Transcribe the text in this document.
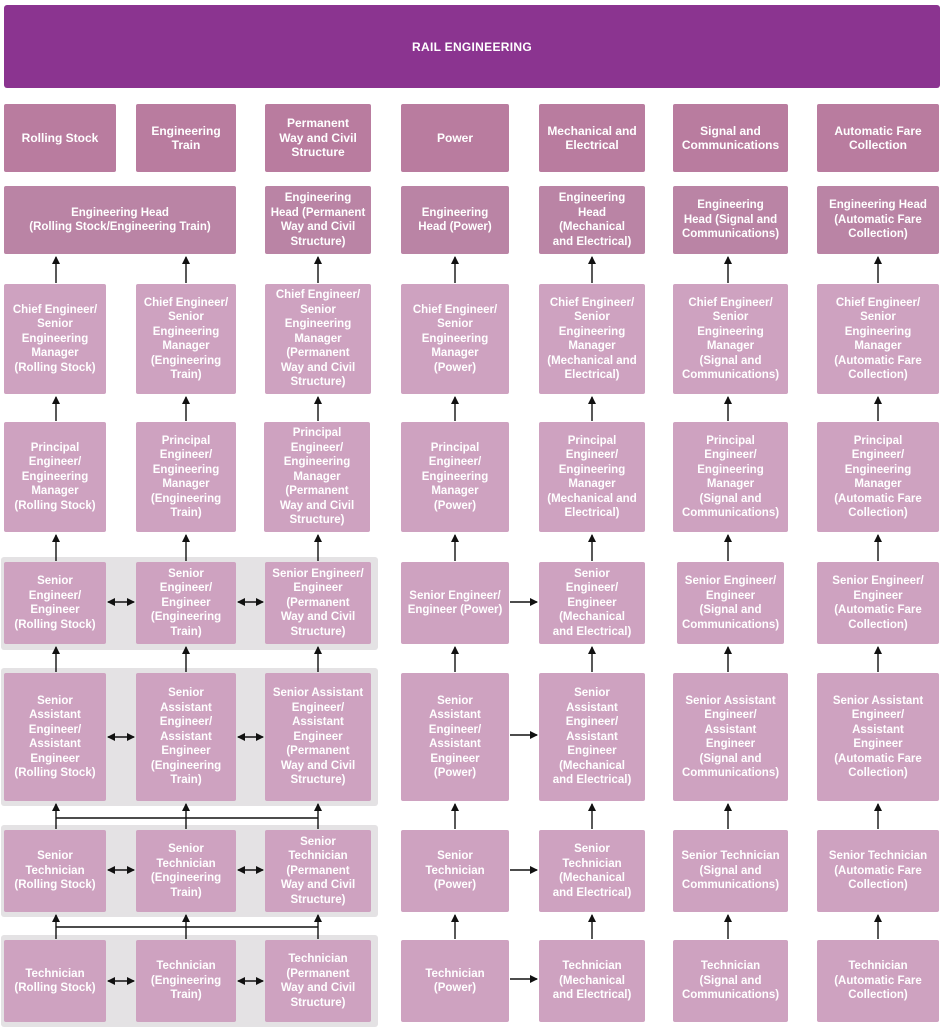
RAIL ENGINEERING
Rolling Stock
Engineering
Train
Permanent
Way and Civil
Structure
Power
Mechanical and
Electrical
Signal and
Communications
Automatic Fare
Collection
Engineering Head
(Rolling Stock/Engineering Train)
Engineering
Head (Permanent
Way and Civil
Structure)
Engineering
Head (Power)
Engineering
Head
(Mechanical
and Electrical)
Engineering
Head (Signal and
Communications)
Engineering Head
(Automatic Fare
Collection)
Chief Engineer/
Senior
Engineering
Manager
(Rolling Stock)
Chief Engineer/
Senior
Engineering
Manager
(Engineering
Train)
Chief Engineer/
Senior
Engineering
Manager
(Permanent
Way and Civil
Structure)
Chief Engineer/
Senior
Engineering
Manager
(Power)
Chief Engineer/
Senior
Engineering
Manager
(Mechanical and
Electrical)
Chief Engineer/
Senior
Engineering
Manager
(Signal and
Communications)
Chief Engineer/
Senior
Engineering
Manager
(Automatic Fare
Collection)
Principal
Engineer/
Engineering
Manager
(Rolling Stock)
Principal
Engineer/
Engineering
Manager
(Engineering
Train)
Principal
Engineer/
Engineering
Manager
(Permanent
Way and Civil
Structure)
Principal
Engineer/
Engineering
Manager
(Power)
Principal
Engineer/
Engineering
Manager
(Mechanical and
Electrical)
Principal
Engineer/
Engineering
Manager
(Signal and
Communications)
Principal
Engineer/
Engineering
Manager
(Automatic Fare
Collection)
Senior
Engineer/
Engineer
(Rolling Stock)
Senior
Engineer/
Engineer
(Engineering
Train)
Senior Engineer/
Engineer
(Permanent
Way and Civil
Structure)
Senior Engineer/
Engineer (Power)
Senior
Engineer/
Engineer
(Mechanical
and Electrical)
Senior Engineer/
Engineer
(Signal and
Communications)
Senior Engineer/
Engineer
(Automatic Fare
Collection)
Senior
Assistant
Engineer/
Assistant
Engineer
(Rolling Stock)
Senior
Assistant
Engineer/
Assistant
Engineer
(Engineering
Train)
Senior Assistant
Engineer/
Assistant
Engineer
(Permanent
Way and Civil
Structure)
Senior
Assistant
Engineer/
Assistant
Engineer
(Power)
Senior
Assistant
Engineer/
Assistant
Engineer
(Mechanical
and Electrical)
Senior Assistant
Engineer/
Assistant
Engineer
(Signal and
Communications)
Senior Assistant
Engineer/
Assistant
Engineer
(Automatic Fare
Collection)
Senior
Technician
(Rolling Stock)
Senior
Technician
(Engineering
Train)
Senior
Technician
(Permanent
Way and Civil
Structure)
Senior
Technician
(Power)
Senior
Technician
(Mechanical
and Electrical)
Senior Technician
(Signal and
Communications)
Senior Technician
(Automatic Fare
Collection)
Technician
(Rolling Stock)
Technician
(Engineering
Train)
Technician
(Permanent
Way and Civil
Structure)
Technician
(Power)
Technician
(Mechanical
and Electrical)
Technician
(Signal and
Communications)
Technician
(Automatic Fare
Collection)
